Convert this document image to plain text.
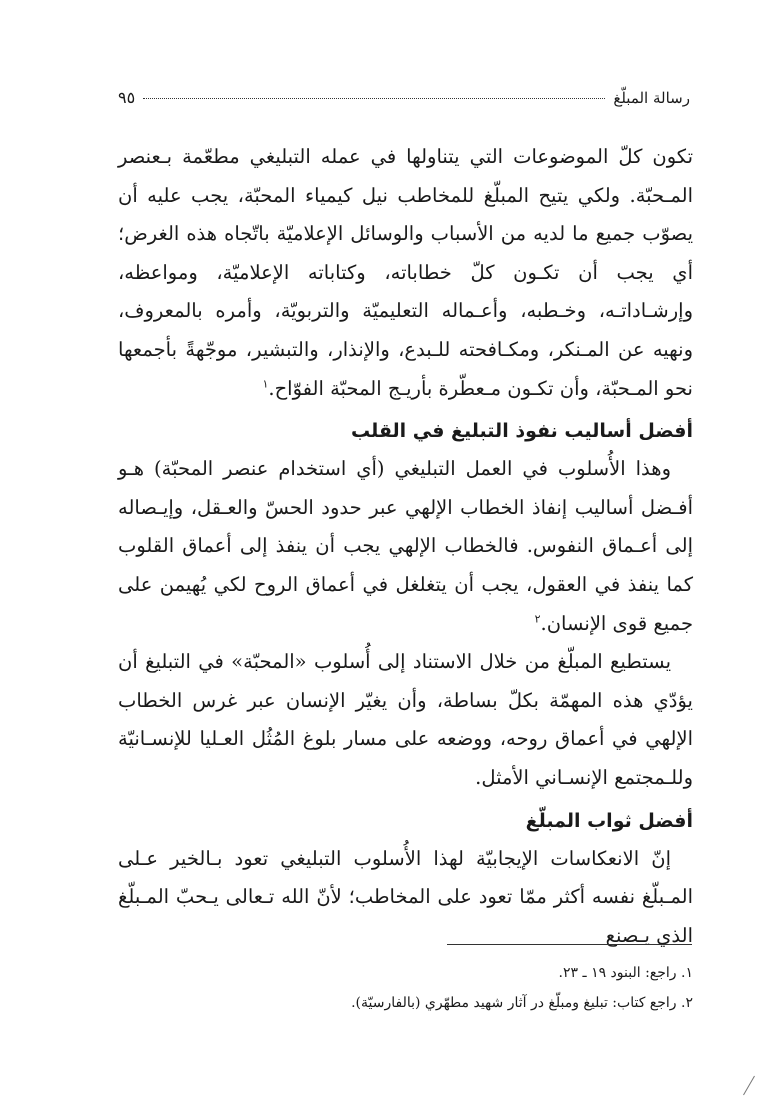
رسالة المبلّغ
٩٥

تكون كلّ الموضوعات التي يتناولها في عمله التبليغي مطعّمة بـعنصر المـحبّة. ولكي يتيح المبلّغ للمخاطب نيل كيمياء المحبّة، يجب عليه أن يصوّب جميع ما لديه من الأسباب والوسائل الإعلاميّة باتّجاه هذه الغرض؛ أي يجب أن تكـون كلّ خطاباته، وكتاباته الإعلاميّة، ومواعظه، وإرشـاداتـه، وخـطبه، وأعـماله التعليميّة والتربويّة، وأمره بالمعروف، ونهيه عن المـنكر، ومكـافحته للـبدع، والإنذار، والتبشير، موجّهةً بأجمعها نحو المـحبّة، وأن تكـون مـعطّرة بأريـج المحبّة الفوّاح.$^١$

أفضل أساليب نفوذ التبليغ في القلب

وهذا الأُسلوب في العمل التبليغي (أي استخدام عنصر المحبّة) هـو أفـضل أساليب إنفاذ الخطاب الإلهي عبر حدود الحسّ والعـقل، وإيـصاله إلى أعـماق النفوس. فالخطاب الإلهي يجب أن ينفذ إلى أعماق القلوب كما ينفذ في العقول، يجب أن يتغلغل في أعماق الروح لكي يُهيمن على جميع قوى الإنسان.$^٢$

يستطيع المبلّغ من خلال الاستناد إلى أُسلوب «المحبّة» في التبليغ أن يؤدّي هذه المهمّة بكلّ بساطة، وأن يغيّر الإنسان عبر غرس الخطاب الإلهي في أعماق روحه، ووضعه على مسار بلوغ المُثُل العـليا للإنسـانيّة وللـمجتمع الإنسـاني الأمثل.

أفضل ثواب المبلّغ

إنّ الانعكاسات الإيجابيّة لهذا الأُسلوب التبليغي تعود بـالخير عـلى المـبلّغ نفسه أكثر ممّا تعود على المخاطب؛ لأنّ الله تـعالى يـحبّ المـبلّغ الذي يـصنع

١. راجع: البنود ١٩ ـ ٢٣.

٢. راجع كتاب: تبليغ ومبلّغ در آثار شهيد مطهّري (بالفارسيّة).
